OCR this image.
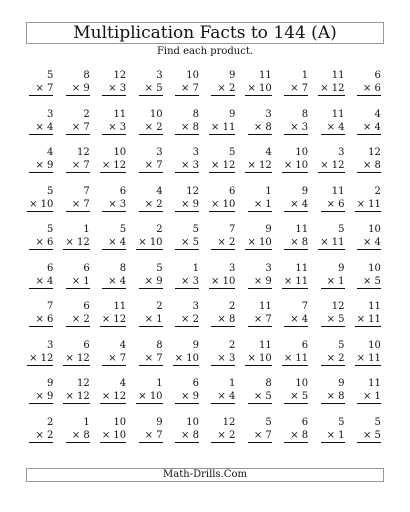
Multiplication Facts to 144 (A)
Find each product.
5
× 7
8
× 9
12
× 3
3
× 5
10
× 7
9
× 2
11
× 10
1
× 7
11
× 12
6
× 6
3
× 4
2
× 7
11
× 3
10
× 2
8
× 8
9
× 11
3
× 8
8
× 3
11
× 4
4
× 4
4
× 9
12
× 7
10
× 12
3
× 7
3
× 3
5
× 12
4
× 12
10
× 10
3
× 12
12
× 8
5
× 10
7
× 7
6
× 3
4
× 2
12
× 9
6
× 10
1
× 1
9
× 4
11
× 6
2
× 11
5
× 6
1
× 12
5
× 4
2
× 10
5
× 5
7
× 2
9
× 10
11
× 8
5
× 11
10
× 4
6
× 4
6
× 1
8
× 4
5
× 9
1
× 3
3
× 10
3
× 9
11
× 11
9
× 1
10
× 5
7
× 6
6
× 2
11
× 12
2
× 1
3
× 2
2
× 8
11
× 7
7
× 4
12
× 5
11
× 11
3
× 12
6
× 12
4
× 7
8
× 7
9
× 10
2
× 3
11
× 10
6
× 11
5
× 2
10
× 11
9
× 9
12
× 12
4
× 12
1
× 10
6
× 9
1
× 4
8
× 5
10
× 5
9
× 8
11
× 1
2
× 2
1
× 8
10
× 10
9
× 7
10
× 8
12
× 2
5
× 7
6
× 8
5
× 1
5
× 5
Math-Drills.Com
